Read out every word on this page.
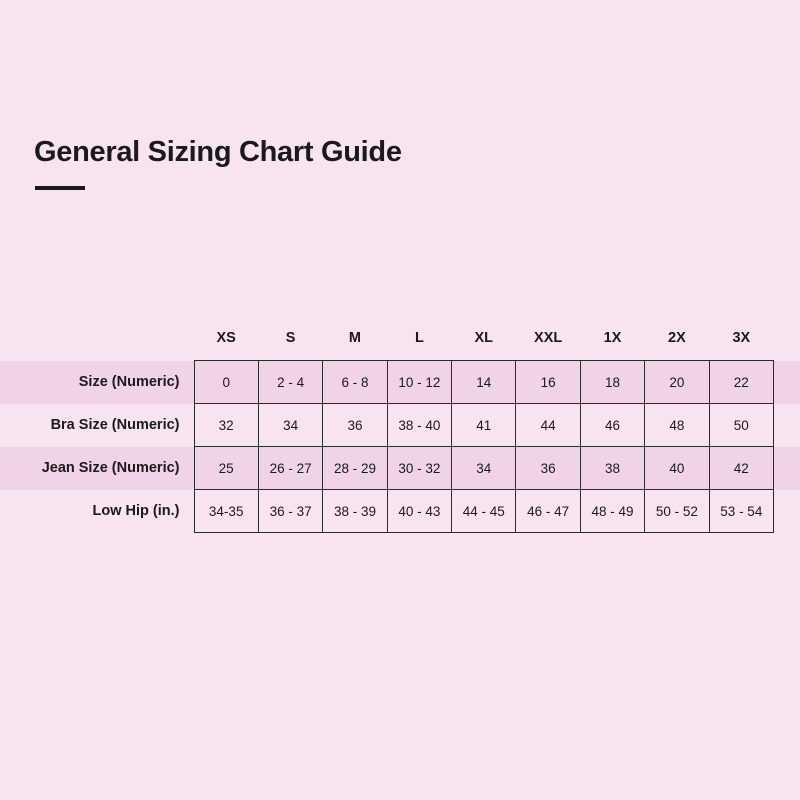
General Sizing Chart Guide
	XS	S	M	L	XL	XXL	1X	2X	3X
Size (Numeric)	0	2 - 4	6 - 8	10 - 12	14	16	18	20	22
Bra Size (Numeric)	32	34	36	38 - 40	41	44	46	48	50
Jean Size (Numeric)	25	26 - 27	28 - 29	30 - 32	34	36	38	40	42
Low Hip (in.)	34-35	36 - 37	38 - 39	40 - 43	44 - 45	46 - 47	48 - 49	50 - 52	53 - 54
